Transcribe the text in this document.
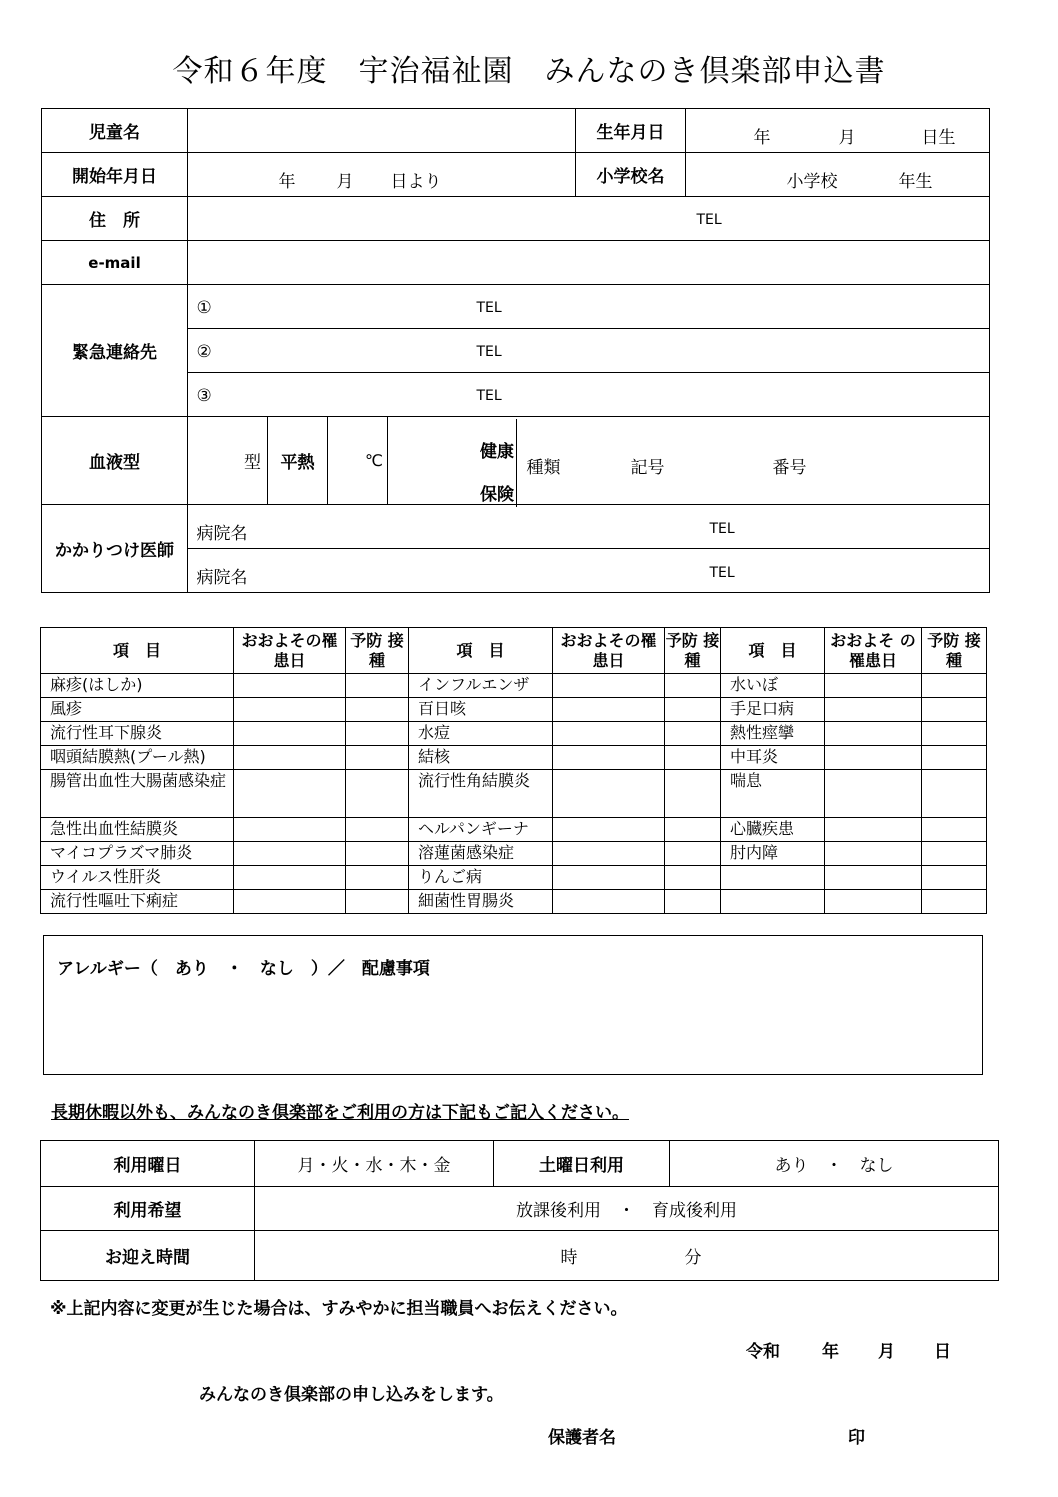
令和６年度　宇治福祉園　みんなのき倶楽部申込書
児童名					生年月日	年 月 日生

開始年月日	年 月 日より				小学校名	小学校 年生

住　所	TEL					

e-mail						
緊急連絡先	① TEL					

	② TEL					

	③ TEL					

血液型	型	平熱	℃	健康
保険
種類 記号 番号		

かかりつけ医師	病院名 TEL					

	病院名 TEL					
項　目	おおよその罹患日	予防 接種	項　目	おおよその罹患日	予防 接種	項　目	おおよそ の罹患日	予防 接種
麻疹(はしか)			インフルエンザ			水いぼ		
風疹			百日咳			手足口病		
流行性耳下腺炎			水痘			熱性痙攣		
咽頭結膜熱(プール熱)			結核			中耳炎		
腸管出血性大腸菌感染症			流行性角結膜炎			喘息		
急性出血性結膜炎			ヘルパンギーナ			心臓疾患		
マイコプラズマ肺炎			溶蓮菌感染症			肘内障		
ウイルス性肝炎			りんご病					
流行性嘔吐下痢症			細菌性胃腸炎					
アレルギー（　あり　・　なし　）／　配慮事項
長期休暇以外も、みんなのき倶楽部をご利用の方は下記もご記入ください。
利用曜日	月・火・水・木・金	土曜日利用	あり　・　なし
利用希望	放課後利用　・　育成後利用		
お迎え時間	時 分		
※上記内容に変更が生じた場合は、すみやかに担当職員へお伝えください。
令和 年 月 日
みんなのき倶楽部の申し込みをします。
保護者名	印
